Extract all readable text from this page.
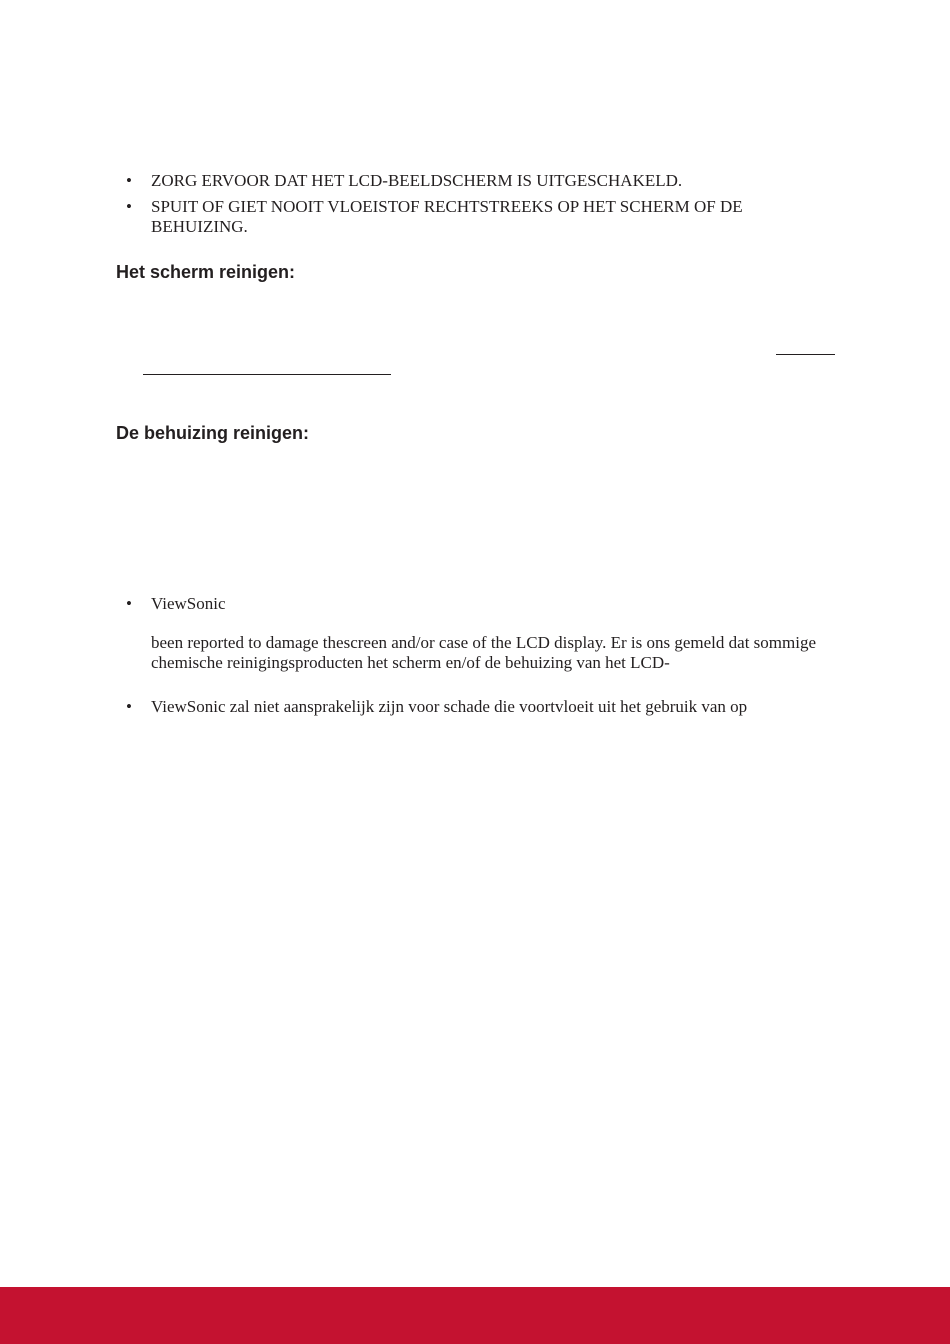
• ZORG ERVOOR DAT HET LCD-BEELDSCHERM IS UITGESCHAKELD.
• SPUIT OF GIET NOOIT VLOEISTOF RECHTSTREEKS OP HET SCHERM OF DE BEHUIZING.
Het scherm reinigen:
De behuizing reinigen:
• ViewSonic
been reported to damage thescreen and/or case of the LCD display. Er is ons gemeld dat sommige chemische reinigingsproducten het scherm en/of de behuizing van het LCD-
• ViewSonic zal niet aansprakelijk zijn voor schade die voortvloeit uit het gebruik van op
